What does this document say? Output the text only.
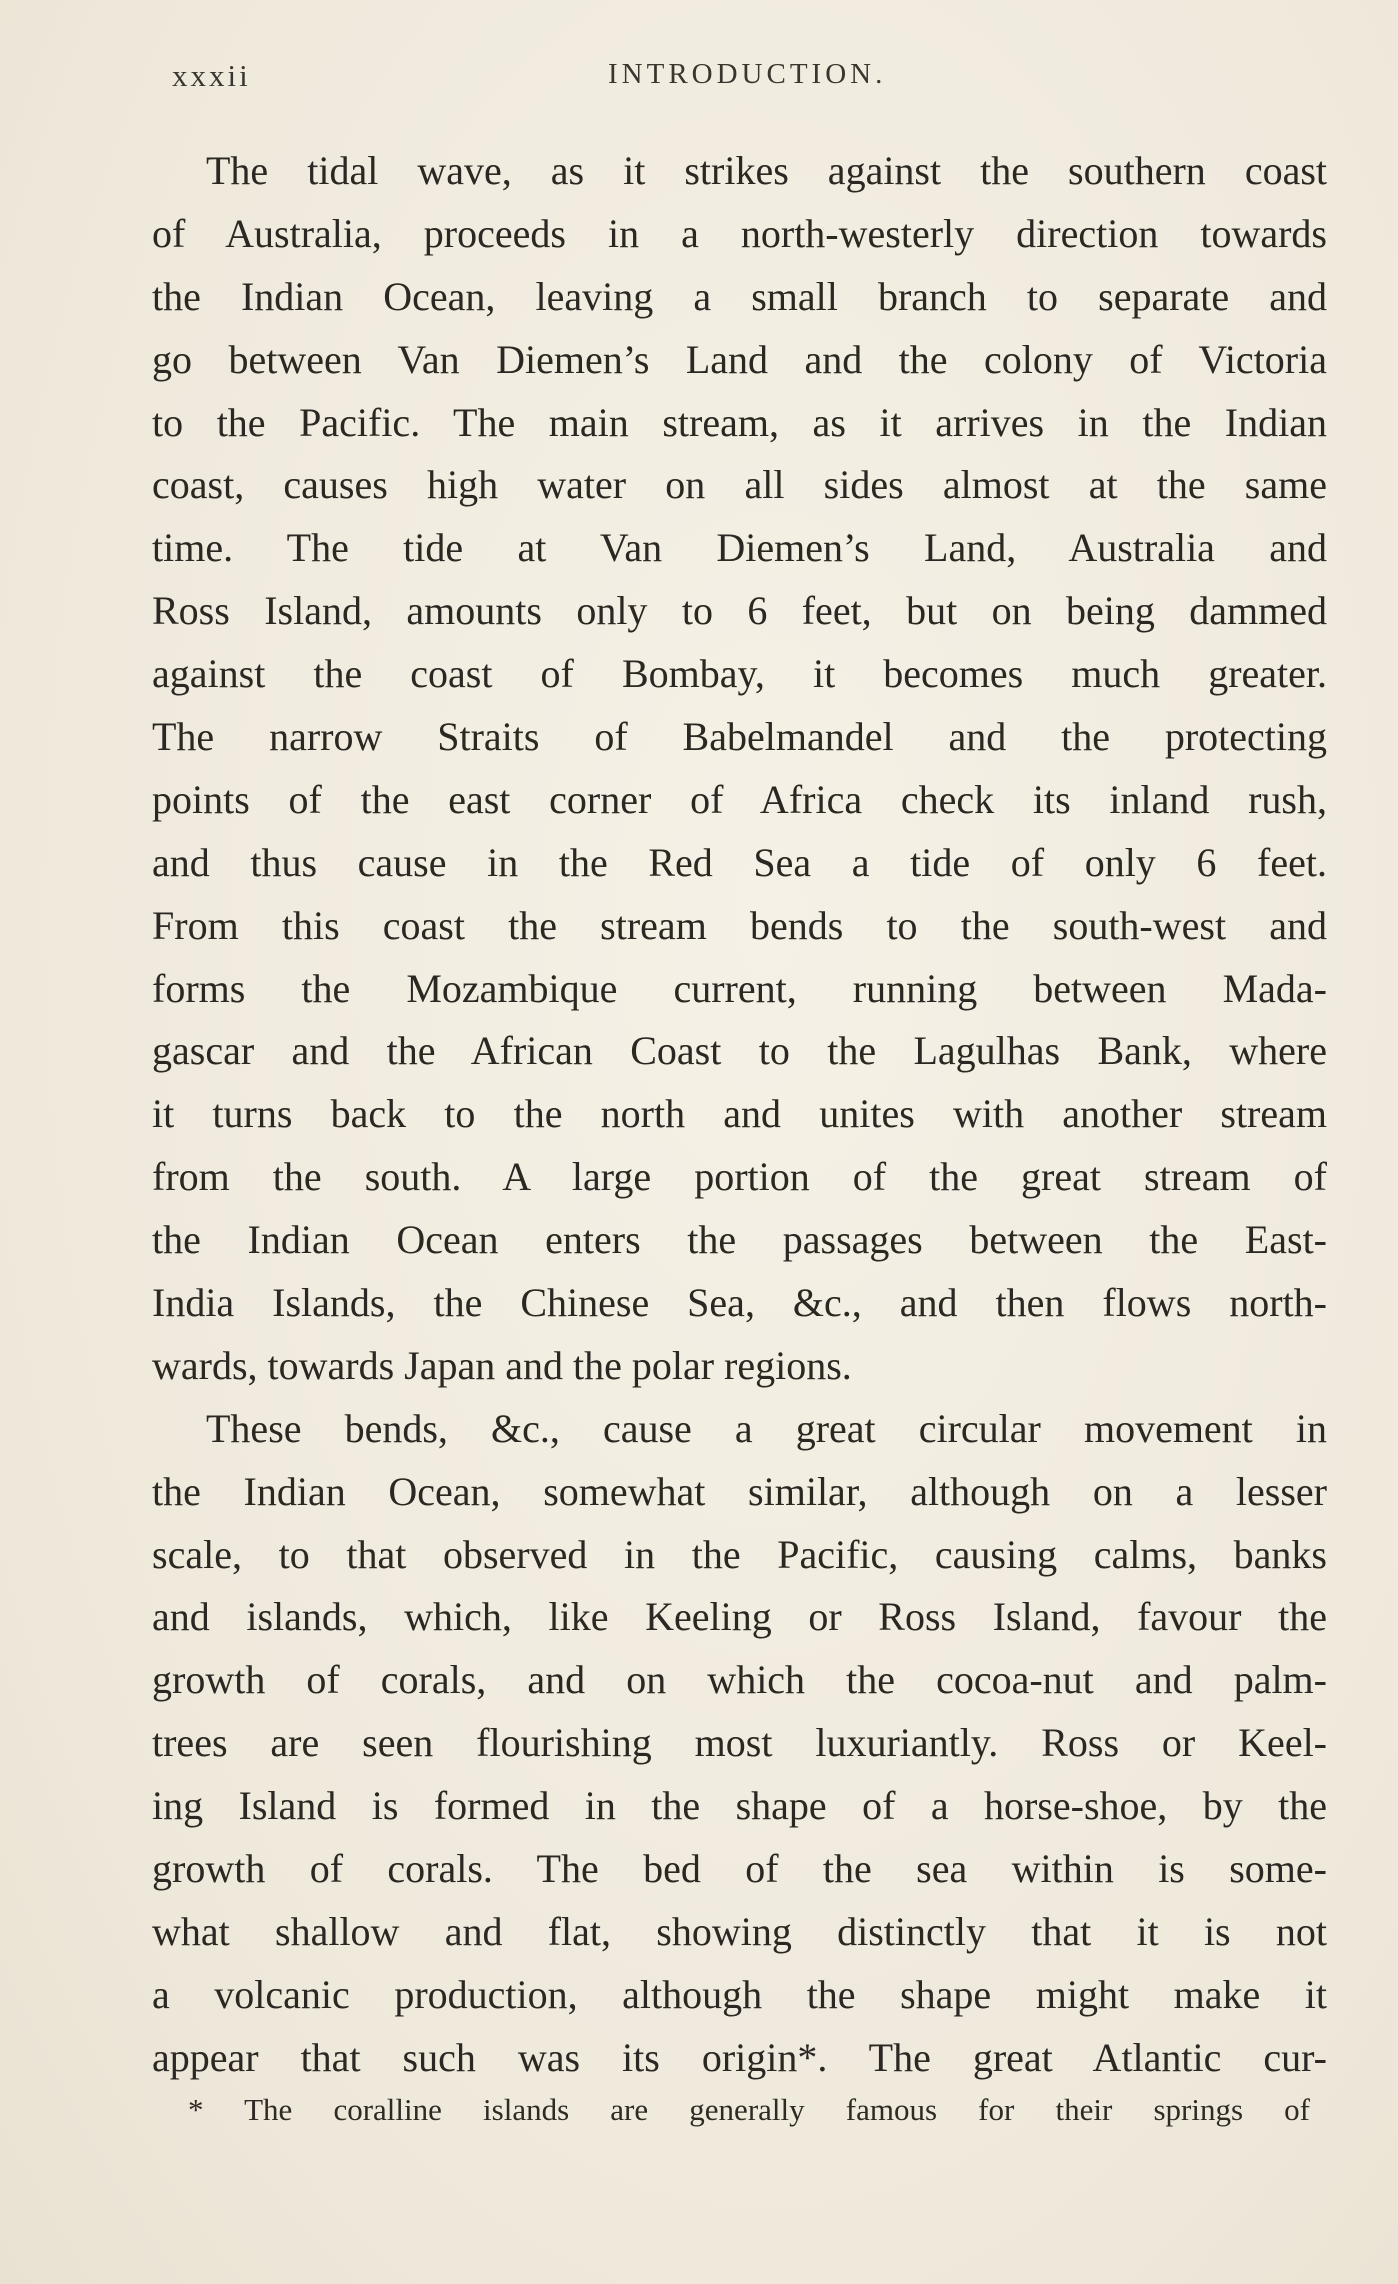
xxxii	INTRODUCTION.
The tidal wave, as it strikes against the southern coast
of Australia, proceeds in a north-westerly direction towards
the Indian Ocean, leaving a small branch to separate and
go between Van Diemen’s Land and the colony of Victoria
to the Pacific. The main stream, as it arrives in the Indian
coast, causes high water on all sides almost at the same
time. The tide at Van Diemen’s Land, Australia and
Ross Island, amounts only to 6 feet, but on being dammed
against the coast of Bombay, it becomes much greater.
The narrow Straits of Babelmandel and the protecting
points of the east corner of Africa check its inland rush,
and thus cause in the Red Sea a tide of only 6 feet.
From this coast the stream bends to the south-west and
forms the Mozambique current, running between Mada-
gascar and the African Coast to the Lagulhas Bank, where
it turns back to the north and unites with another stream
from the south. A large portion of the great stream of
the Indian Ocean enters the passages between the East-
India Islands, the Chinese Sea, &c., and then flows north-
wards, towards Japan and the polar regions.
These bends, &c., cause a great circular movement in
the Indian Ocean, somewhat similar, although on a lesser
scale, to that observed in the Pacific, causing calms, banks
and islands, which, like Keeling or Ross Island, favour the
growth of corals, and on which the cocoa-nut and palm-
trees are seen flourishing most luxuriantly. Ross or Keel-
ing Island is formed in the shape of a horse-shoe, by the
growth of corals. The bed of the sea within is some-
what shallow and flat, showing distinctly that it is not
a volcanic production, although the shape might make it
appear that such was its origin*. The great Atlantic cur-
* The coralline islands are generally famous for their springs of
